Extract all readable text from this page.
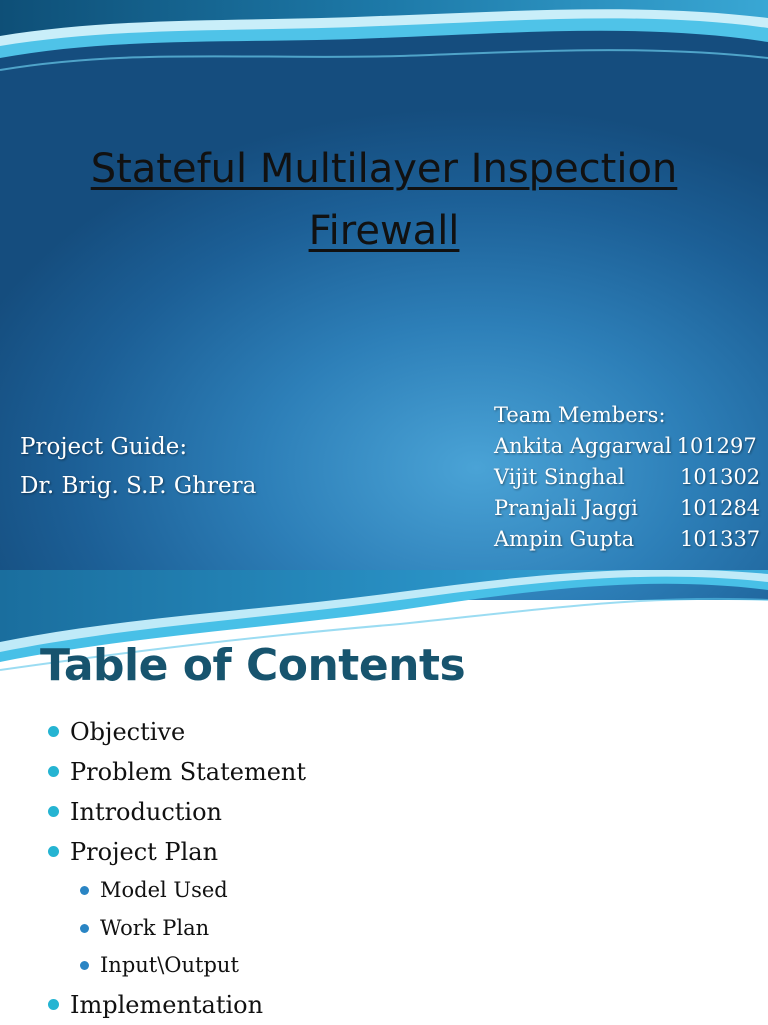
Stateful Multilayer Inspection
Firewall
Project Guide:
Dr. Brig. S.P. Ghrera
Team Members:
Ankita Aggarwal 101297
Vijit Singhal	101302
Pranjali Jaggi	101284
Ampin Gupta	101337
Table of Contents
Objective
Problem Statement
Introduction
Project Plan
Model Used
Work Plan
Input\Output
Implementation
